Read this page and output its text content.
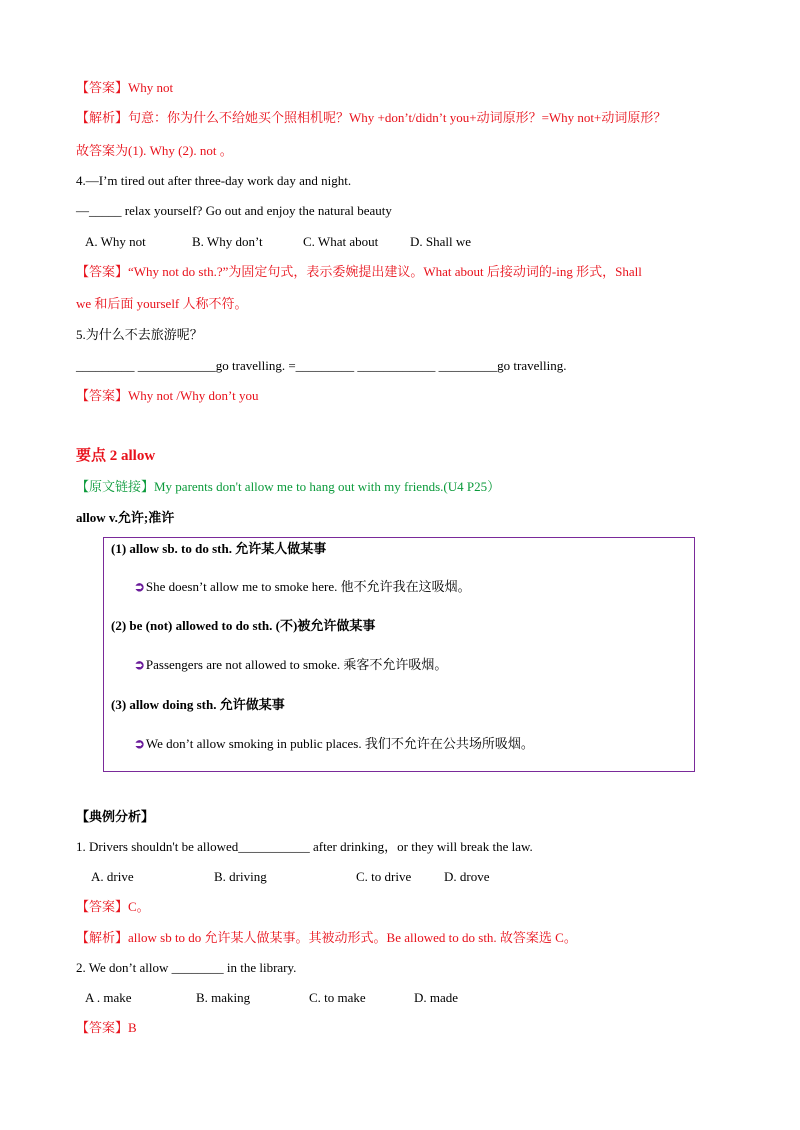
【答案】Why not
【解析】句意：你为什么不给她买个照相机呢？Why +don’t/didn’t you+动词原形？=Why not+动词原形？
故答案为(1). Why (2). not 。
4.—I’m tired out after three-day work day and night.
—_____ relax yourself? Go out and enjoy the natural beauty
A. Why not	B. Why don’t	C. What about D. Shall we
【答案】“Why not do sth.?”为固定句式，表示委婉提出建议。What about 后接动词的-ing 形式，Shall
we 和后面 yourself 人称不符。
5.为什么不去旅游呢？
_________ ____________go travelling. =_________ ____________ _________go travelling.
【答案】Why not /Why don’t you
要点 2 allow
【原文链接】My parents don't allow me to hang out with my friends.(U4 P25）
allow v.允许;准许
(1) allow sb. to do sth. 允许某人做某事
➲She doesn’t allow me to smoke here. 他不允许我在这吸烟。
(2) be (not) allowed to do sth. (不)被允许做某事
➲Passengers are not allowed to smoke. 乘客不允许吸烟。
(3) allow doing sth. 允许做某事
➲We don’t allow smoking in public places. 我们不允许在公共场所吸烟。
【典例分析】
1. Drivers shouldn't be allowed___________ after drinking，or they will break the law.
A. drive	B. driving	C. to drive	D. drove
【答案】C。
【解析】allow sb to do 允许某人做某事。其被动形式。Be allowed to do sth. 故答案选 C。
2. We don’t allow ________ in the library.
A . make	B. making	C. to make	D. made
【答案】B
